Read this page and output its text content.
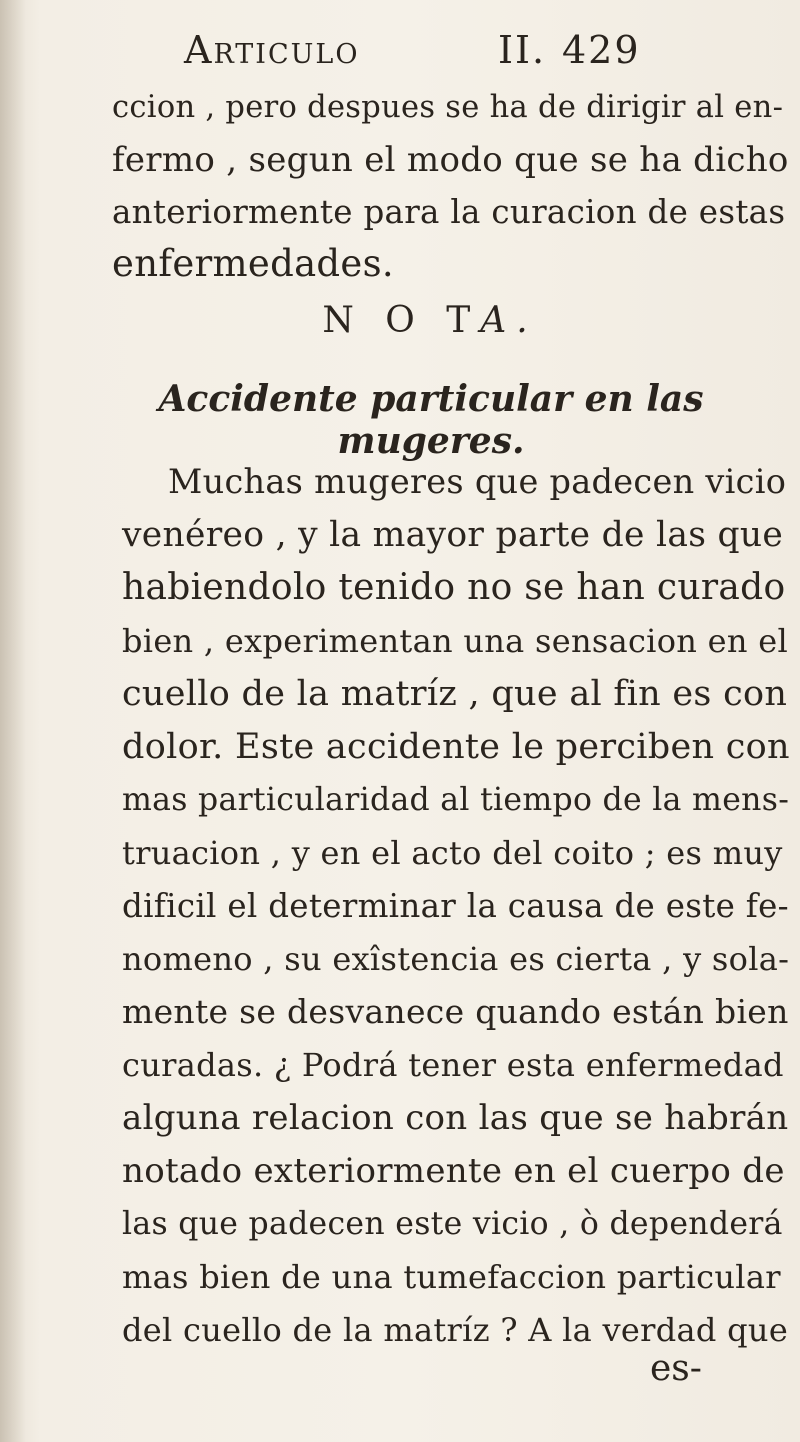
Articulo	II. 429
ccion , pero despues se ha de dirigir al en-
fermo , segun el modo que se ha dicho
anteriormente para la curacion de estas
enfermedades.
N O TA.
Accidente particular en las mugeres.
Muchas mugeres que padecen vicio
venéreo , y la mayor parte de las que
habiendolo tenido no se han curado
bien , experimentan una sensacion en el
cuello de la matríz , que al fin es con
dolor. Este accidente le perciben con
mas particularidad al tiempo de la mens-
truacion , y en el acto del coito ; es muy
dificil el determinar la causa de este fe-
nomeno , su exîstencia es cierta , y sola-
mente se desvanece quando están bien
curadas. ¿ Podrá tener esta enfermedad
alguna relacion con las que se habrán
notado exteriormente en el cuerpo de
las que padecen este vicio , ò dependerá
mas bien de una tumefaccion particular
del cuello de la matríz ? A la verdad que
es-
